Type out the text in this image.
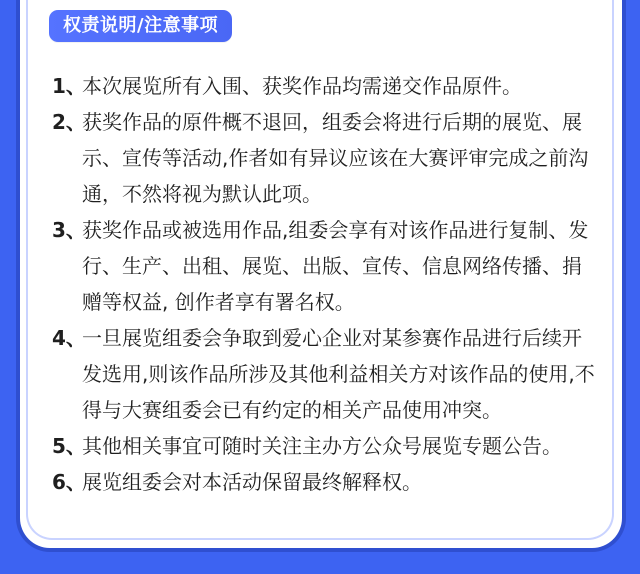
权责说明/注意事项
1、
本次展览所有入围、获奖作品均需递交作品原件。
2、
获奖作品的原件概不退回，组委会将进行后期的展览、展示、宣传等活动,作者如有异议应该在大赛评审完成之前沟通，不然将视为默认此项。
3、
获奖作品或被选用作品,组委会享有对该作品进行复制、发行、生产、出租、展览、出版、宣传、信息网络传播、捐赠等权益, 创作者享有署名权。
4、
一旦展览组委会争取到爱心企业对某参赛作品进行后续开发选用,则该作品所涉及其他利益相关方对该作品的使用,不得与大赛组委会已有约定的相关产品使用冲突。
5、
其他相关事宜可随时关注主办方公众号展览专题公告。
6、
展览组委会对本活动保留最终解释权。
